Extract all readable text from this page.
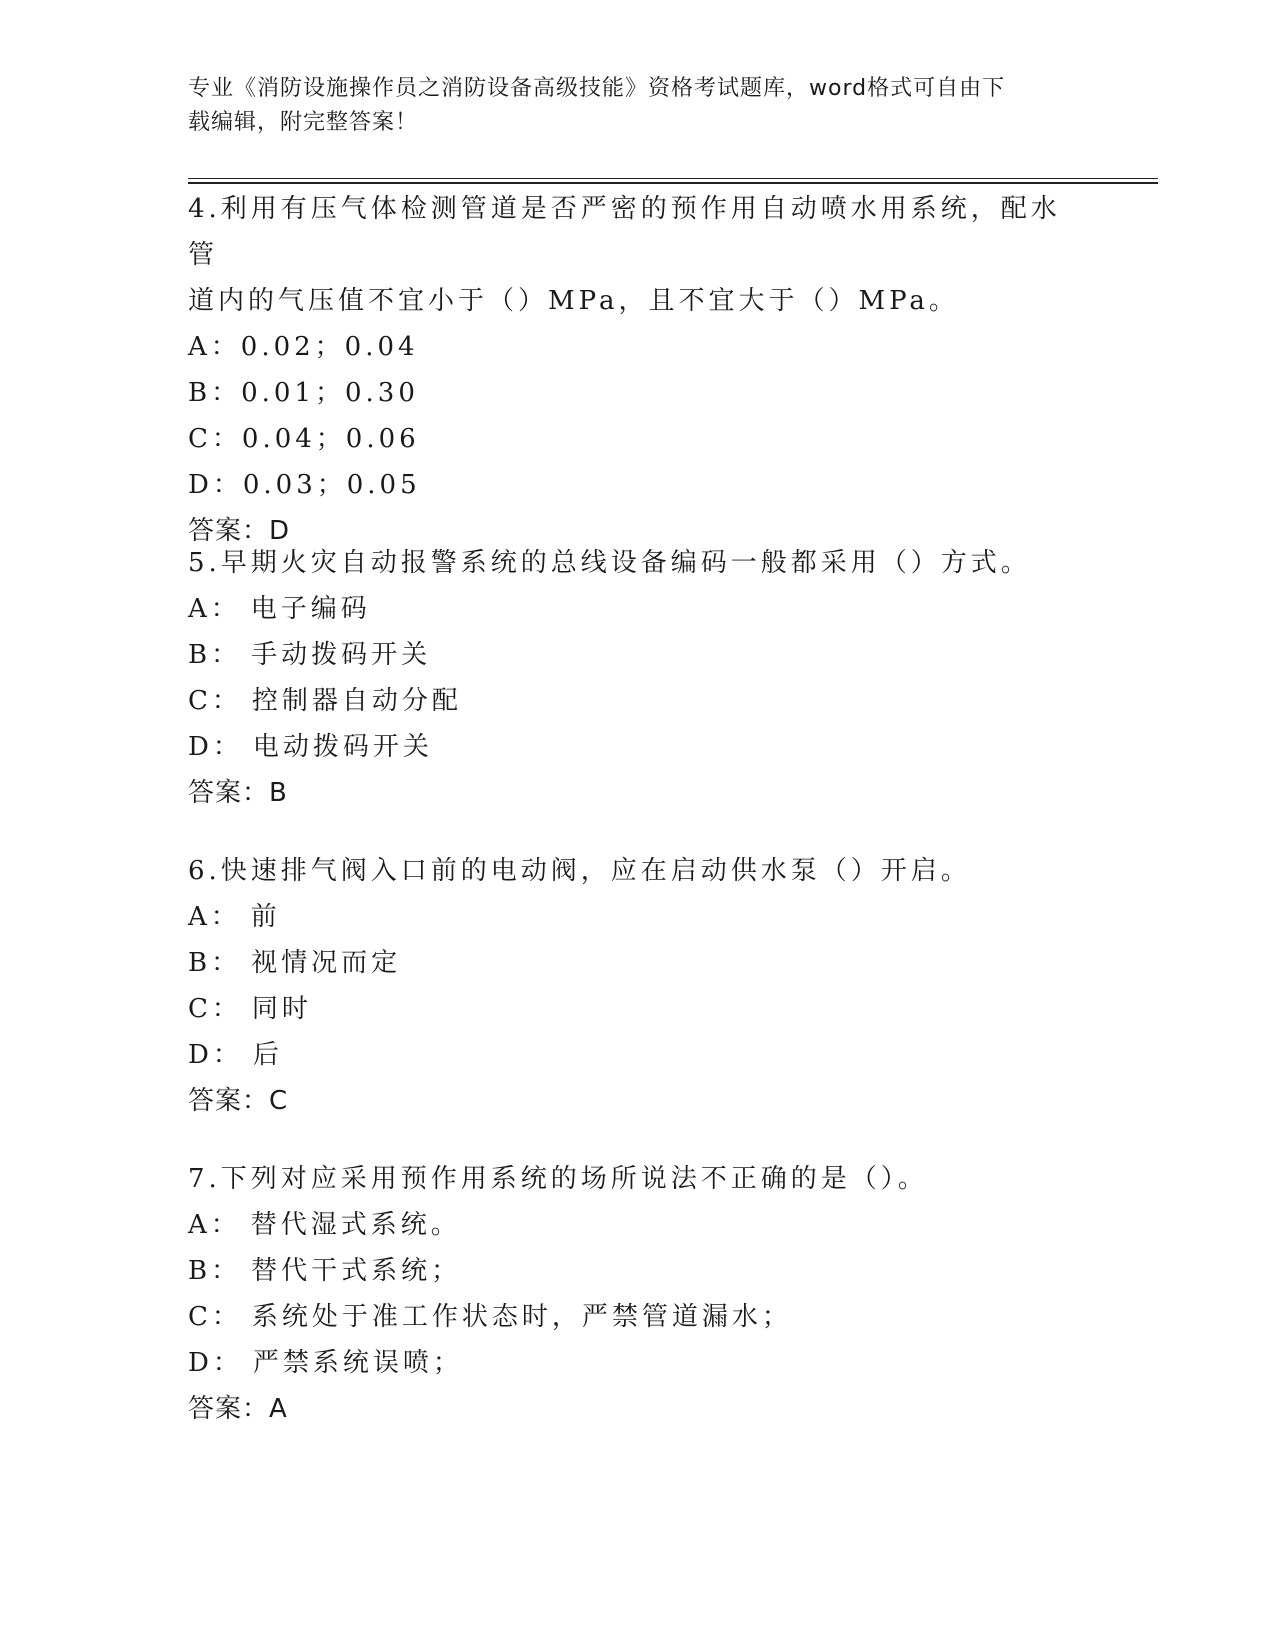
专业《消防设施操作员之消防设备高级技能》资格考试题库，word格式可自由下
载编辑，附完整答案！

4.利用有压气体检测管道是否严密的预作用自动喷水用系统，配水管

道内的气压值不宜小于（）MPa，且不宜大于（）MPa。

A：0.02；0.04

B：0.01；0.30

C：0.04；0.06

D：0.03；0.05

答案：D

5.早期火灾自动报警系统的总线设备编码一般都采用（）方式。

A： 电子编码

B： 手动拨码开关

C： 控制器自动分配

D： 电动拨码开关

答案：B

6.快速排气阀入口前的电动阀，应在启动供水泵（）开启。

A： 前

B： 视情况而定

C： 同时

D： 后

答案：C

7.下列对应采用预作用系统的场所说法不正确的是（）。

A： 替代湿式系统。

B： 替代干式系统；

C： 系统处于准工作状态时，严禁管道漏水；

D： 严禁系统误喷；

答案：A
